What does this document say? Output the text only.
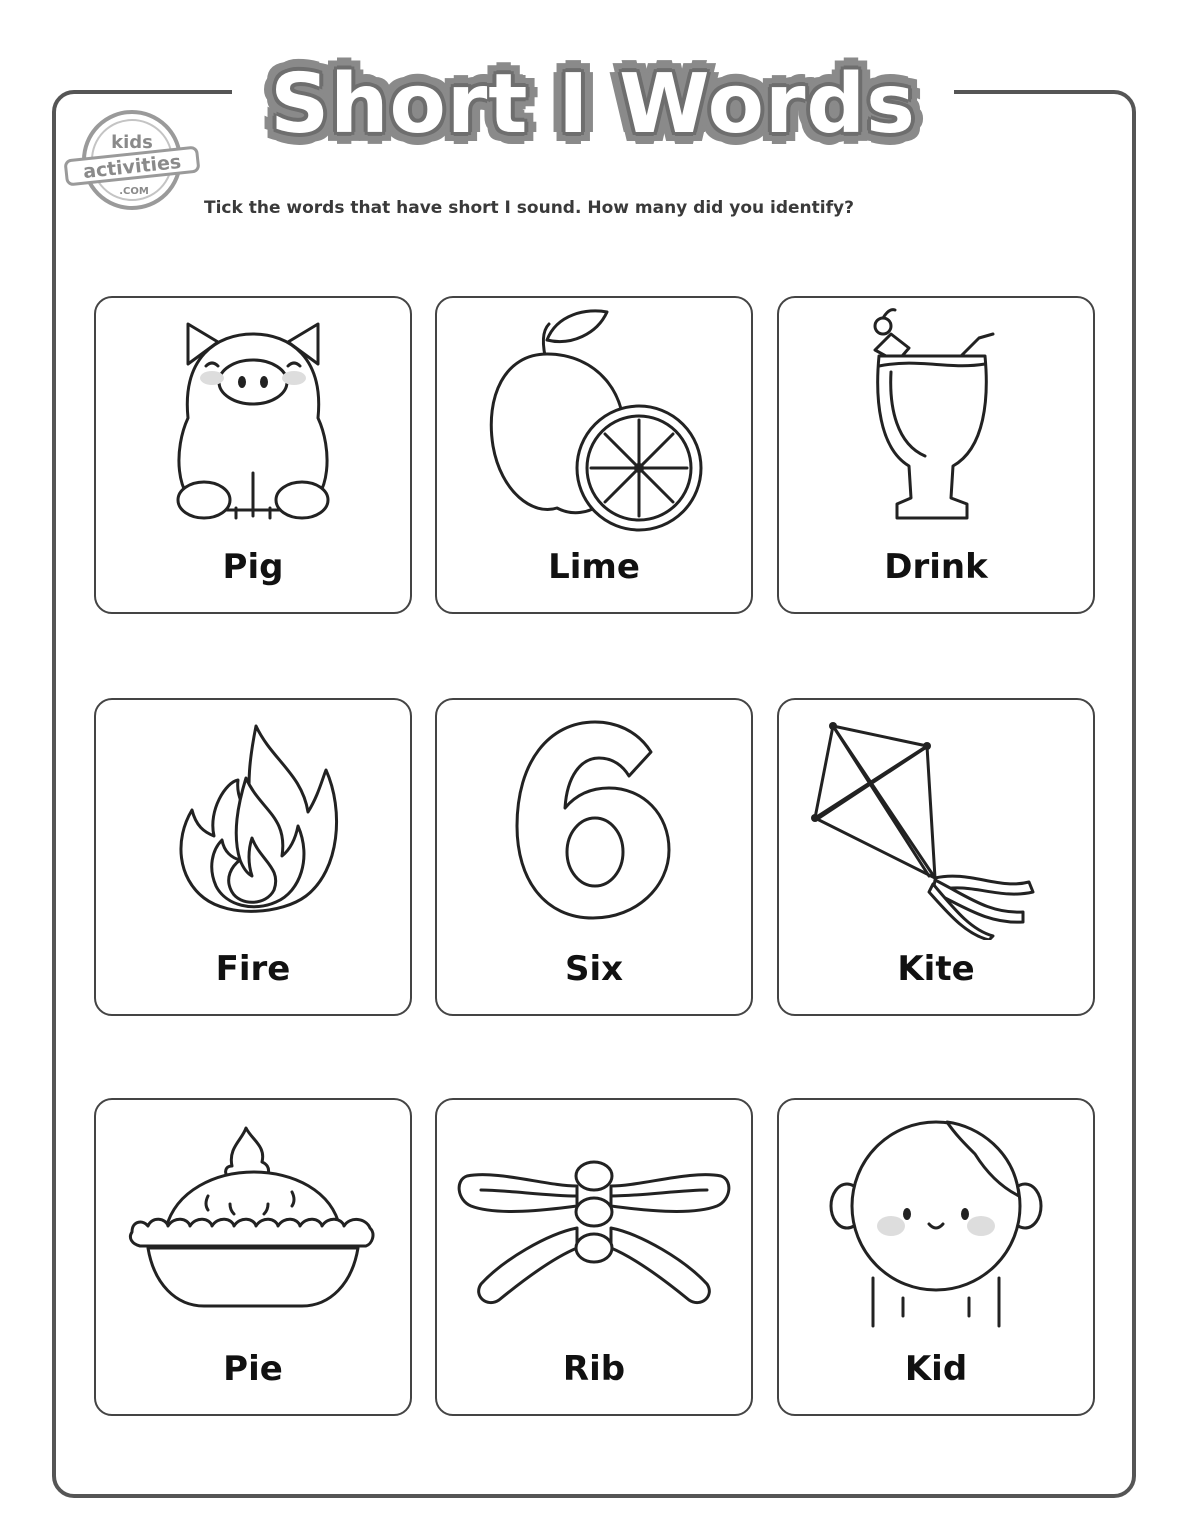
Short I Words
kids
activities
.COM
Tick the words that have short I sound. How many did you identify?
Pig	Lime	Drink
Fire	Six	Kite
Pie	Rib	Kid
